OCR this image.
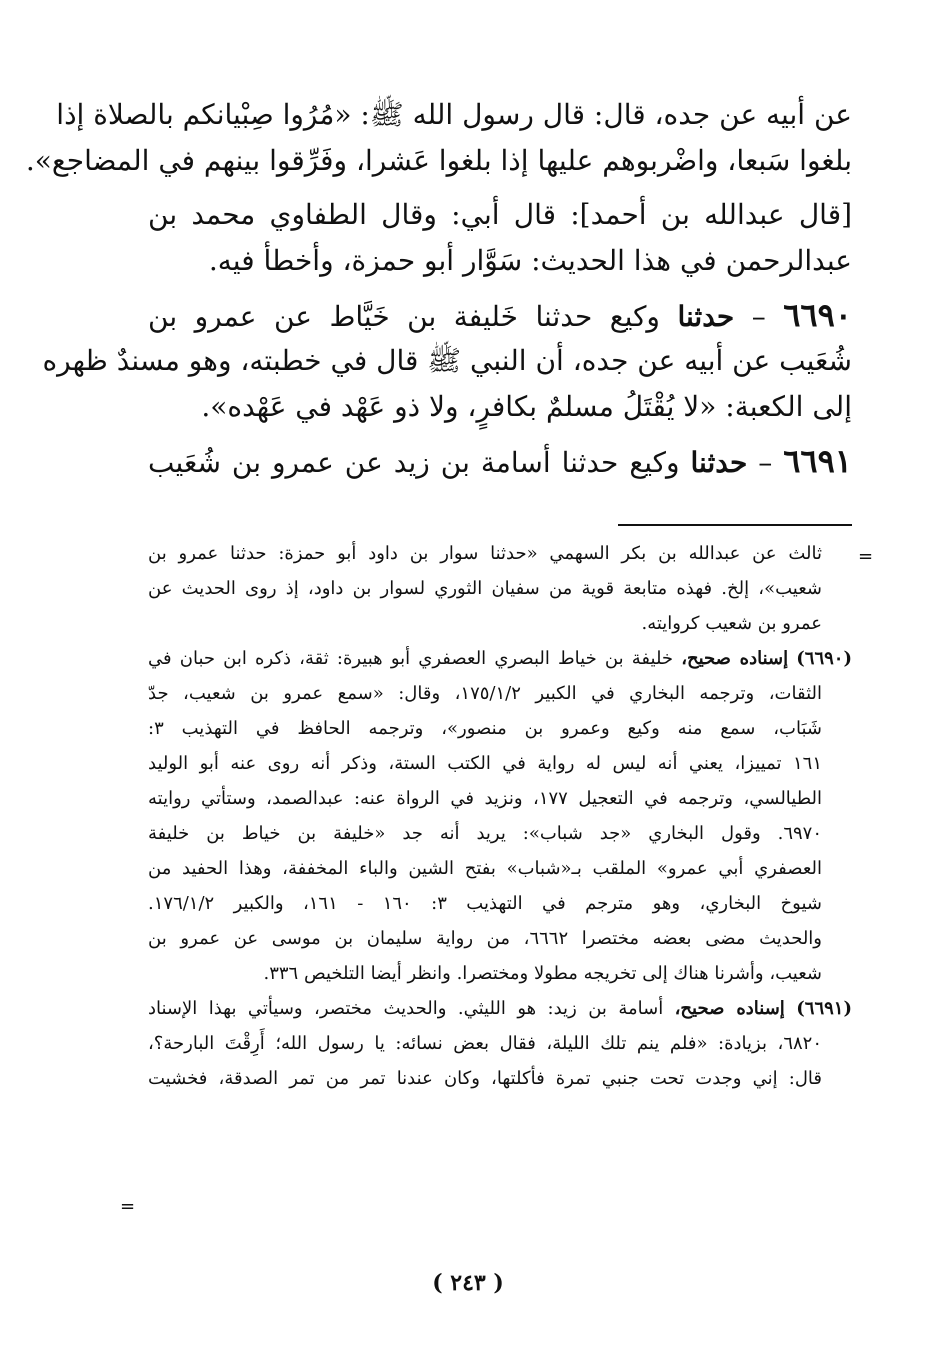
عن أبيه عن جده، قال: قال رسول الله ﷺ: «مُرُوا صِبْيانكم بالصلاة إذا
بلغوا سَبعا، واضْربوهم عليها إذا بلغوا عَشرا، وفَرِّقوا بينهم في المضاجع».
[قال عبدالله بن أحمد]: قال أبي: وقال الطفاوي محمد بن
عبدالرحمن في هذا الحديث: سَوَّار أبو حمزة، وأخطأ فيه.
٦٦٩٠ – حدثنا وكيع حدثنا خَليفة بن خَيَّاط عن عمرو بن
شُعَيب عن أبيه عن جده، أن النبي ﷺ قال في خطبته، وهو مسندٌ ظهره
إلى الكعبة: «لا يُقْتَلُ مسلمٌ بكافرٍ، ولا ذو عَهْد في عَهْده».
٦٦٩١ – حدثنا وكيع حدثنا أسامة بن زيد عن عمرو بن شُعَيب
=
=
ثالث عن عبدالله بن بكر السهمي «حدثنا سوار بن داود أبو حمزة: حدثنا عمرو بن
شعيب»، إلخ. فهذه متابعة قوية من سفيان الثوري لسوار بن داود، إذ روى الحديث عن
عمرو بن شعيب كروايته.
(٦٦٩٠) إسناده صحيح، خليفة بن خياط البصري العصفري أبو هبيرة: ثقة، ذكره ابن حبان في
الثقات، وترجمه البخاري في الكبير ١٧٥/١/٢، وقال: «سمع عمرو بن شعيب، جدّ
شَبَاب، سمع منه وكيع وعمرو بن منصور»، وترجمه الحافظ في التهذيب ٣:
١٦١ تمييزا، يعني أنه ليس له رواية في الكتب الستة، وذكر أنه روى عنه أبو الوليد
الطيالسي، وترجمه في التعجيل ١٧٧، ونزيد في الرواة عنه: عبدالصمد، وستأتي روايته
٦٩٧٠. وقول البخاري «جد شباب»: يريد أنه جد «خليفة بن خياط بن خليفة
العصفري أبي عمرو» الملقب بـ«شباب» بفتح الشين والباء المخففة، وهذا الحفيد من
شيوخ البخاري، وهو مترجم في التهذيب ٣: ١٦٠ - ١٦١، والكبير ١٧٦/١/٢.
والحديث مضى بعضه مختصرا ٦٦٦٢، من رواية سليمان بن موسى عن عمرو بن
شعيب، وأشرنا هناك إلى تخريجه مطولا ومختصرا. وانظر أيضا التلخيص ٣٣٦.
(٦٦٩١) إسناده صحيح، أسامة بن زيد: هو الليثي. والحديث مختصر، وسيأتي بهذا الإسناد
٦٨٢٠، بزيادة: «فلم ينم تلك الليلة، فقال بعض نسائه: يا رسول الله؛ أَرِقْتَ البارحة؟،
قال: إني وجدت تحت جنبي تمرة فأكلتها، وكان عندنا تمر من تمر الصدقة، فخشيت
( ٢٤٣ )
